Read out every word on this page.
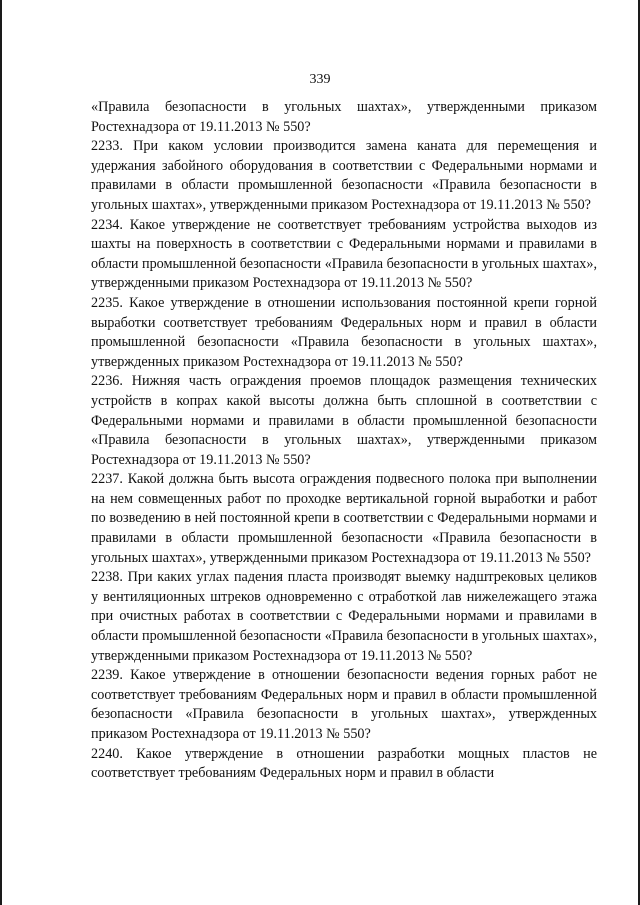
339

«Правила безопасности в угольных шахтах», утвержденными приказом Ростехнадзора от 19.11.2013 № 550?

2233. При каком условии производится замена каната для перемещения и удержания забойного оборудования в соответствии с Федеральными нормами и правилами в области промышленной безопасности «Правила безопасности в угольных шахтах», утвержденными приказом Ростехнадзора от 19.11.2013 № 550?

2234. Какое утверждение не соответствует требованиям устройства выходов из шахты на поверхность в соответствии с Федеральными нормами и правилами в области промышленной безопасности «Правила безопасности в угольных шахтах», утвержденными приказом Ростехнадзора от 19.11.2013 № 550?

2235. Какое утверждение в отношении использования постоянной крепи горной выработки соответствует требованиям Федеральных норм и правил в области промышленной безопасности «Правила безопасности в угольных шахтах», утвержденных приказом Ростехнадзора от 19.11.2013 № 550?

2236. Нижняя часть ограждения проемов площадок размещения технических устройств в копрах какой высоты должна быть сплошной в соответствии с Федеральными нормами и правилами в области промышленной безопасности «Правила безопасности в угольных шахтах», утвержденными приказом Ростехнадзора от 19.11.2013 № 550?

2237. Какой должна быть высота ограждения подвесного полока при выполнении на нем совмещенных работ по проходке вертикальной горной выработки и работ по возведению в ней постоянной крепи в соответствии с Федеральными нормами и правилами в области промышленной безопасности «Правила безопасности в угольных шахтах», утвержденными приказом Ростехнадзора от 19.11.2013 № 550?

2238. При каких углах падения пласта производят выемку надштрековых целиков у вентиляционных штреков одновременно с отработкой лав нижележащего этажа при очистных работах в соответствии с Федеральными нормами и правилами в области промышленной безопасности «Правила безопасности в угольных шахтах», утвержденными приказом Ростехнадзора от 19.11.2013 № 550?

2239. Какое утверждение в отношении безопасности ведения горных работ не соответствует требованиям Федеральных норм и правил в области промышленной безопасности «Правила безопасности в угольных шахтах», утвержденных приказом Ростехнадзора от 19.11.2013 № 550?

2240. Какое утверждение в отношении разработки мощных пластов не соответствует требованиям Федеральных норм и правил в области
